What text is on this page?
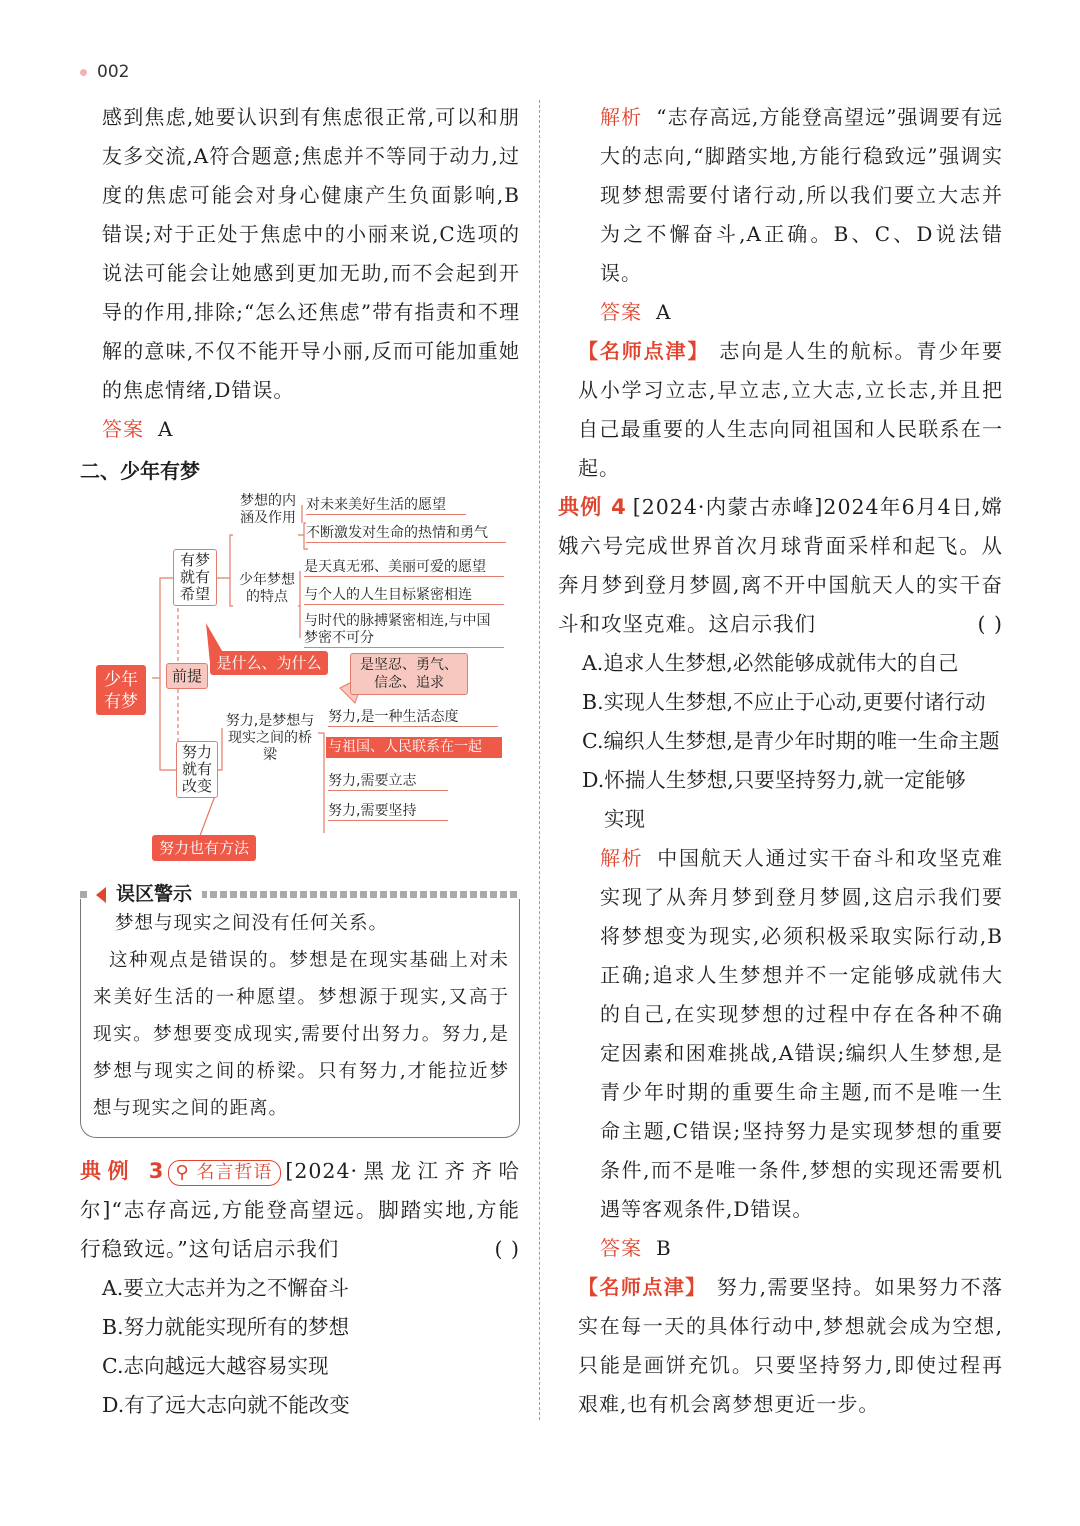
002

感到焦虑,她要认识到有焦虑很正常,可以和朋友多交流,A符合题意;焦虑并不等同于动力,过度的焦虑可能会对身心健康产生负面影响,B错误;对于正处于焦虑中的小丽来说,C选项的说法可能会让她感到更加无助,而不会起到开导的作用,排除;“怎么还焦虑”带有指责和不理解的意味,不仅不能开导小丽,反而可能加重她的焦虑情绪,D错误。

答案 A

二、少年有梦

少年有梦
前提
有梦就有希望
梦想的内涵及作用
对未来美好生活的愿望
不断激发对生命的热情和勇气
少年梦想的特点
是天真无邪、美丽可爱的愿望
与个人的人生目标紧密相连
与时代的脉搏紧密相连,与中国梦密不可分
是什么、为什么	是坚忍、勇气、信念、追求
努力就有改变
努力,是梦想与现实之间的桥梁
努力,是一种生活态度
与祖国、人民联系在一起
努力,需要立志
努力,需要坚持
努力也有方法
误区警示

梦想与现实之间没有任何关系。

这种观点是错误的。梦想是在现实基础上对未来美好生活的一种愿望。梦想源于现实,又高于现实。梦想要变成现实,需要付出努力。努力,是梦想与现实之间的桥梁。只有努力,才能拉近梦想与现实之间的距离。

典例 3 ⚲ 名言哲语 [2024·黑龙江齐齐哈尔]“志存高远,方能登高望远。脚踏实地,方能行稳致远。”这句话启示我们	( )

A.要立大志并为之不懈奋斗

B.努力就能实现所有的梦想

C.志向越远大越容易实现

D.有了远大志向就不能改变

解析 “志存高远,方能登高望远”强调要有远大的志向,“脚踏实地,方能行稳致远”强调实现梦想需要付诸行动,所以我们要立大志并为之不懈奋斗,A正确。B、C、D说法错误。

答案 A

【名师点津】 志向是人生的航标。青少年要从小学习立志,早立志,立大志,立长志,并且把自己最重要的人生志向同祖国和人民联系在一起。

典例 4 [2024·内蒙古赤峰]2024年6月4日,嫦娥六号完成世界首次月球背面采样和起飞。从奔月梦到登月梦圆,离不开中国航天人的实干奋斗和攻坚克难。这启示我们	( )

A.追求人生梦想,必然能够成就伟大的自己

B.实现人生梦想,不应止于心动,更要付诸行动

C.编织人生梦想,是青少年时期的唯一生命主题

D.怀揣人生梦想,只要坚持努力,就一定能够

实现

解析 中国航天人通过实干奋斗和攻坚克难实现了从奔月梦到登月梦圆,这启示我们要将梦想变为现实,必须积极采取实际行动,B正确;追求人生梦想并不一定能够成就伟大的自己,在实现梦想的过程中存在各种不确定因素和困难挑战,A错误;编织人生梦想,是青少年时期的重要生命主题,而不是唯一生命主题,C错误;坚持努力是实现梦想的重要条件,而不是唯一条件,梦想的实现还需要机遇等客观条件,D错误。

答案 B

【名师点津】 努力,需要坚持。如果努力不落实在每一天的具体行动中,梦想就会成为空想,只能是画饼充饥。只要坚持努力,即使过程再艰难,也有机会离梦想更近一步。
